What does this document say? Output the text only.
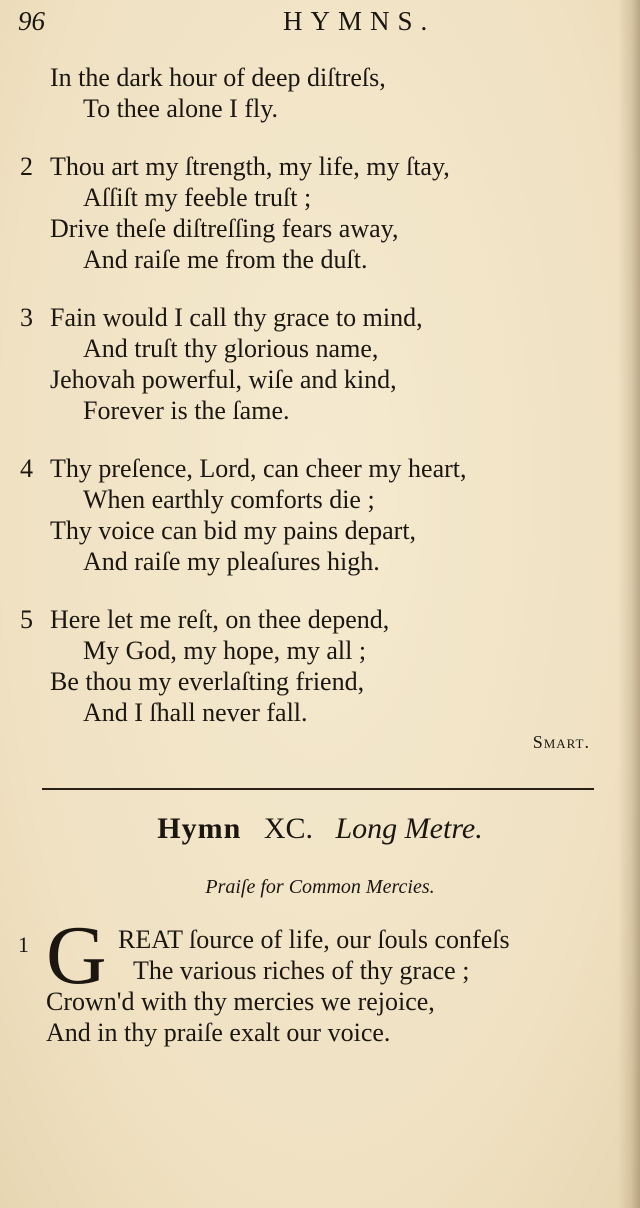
96	HYMNS.
In the dark hour of deep diſtreſs,
To thee alone I fly.
2 Thou art my ſtrength, my life, my ſtay,
Aſſiſt my feeble truſt ;
Drive theſe diſtreſſing fears away,
And raiſe me from the duſt.
3 Fain would I call thy grace to mind,
And truſt thy glorious name,
Jehovah powerful, wiſe and kind,
Forever is the ſame.
4 Thy preſence, Lord, can cheer my heart,
When earthly comforts die ;
Thy voice can bid my pains depart,
And raiſe my pleaſures high.
5 Here let me reſt, on thee depend,
My God, my hope, my all ;
Be thou my everlaſting friend,
And I ſhall never fall.
Smart.
Hymn XC. Long Metre.
Praiſe for Common Mercies.
1 G REAT ſource of life, our ſouls confeſs
The various riches of thy grace ;
Crown'd with thy mercies we rejoice,
And in thy praiſe exalt our voice.
